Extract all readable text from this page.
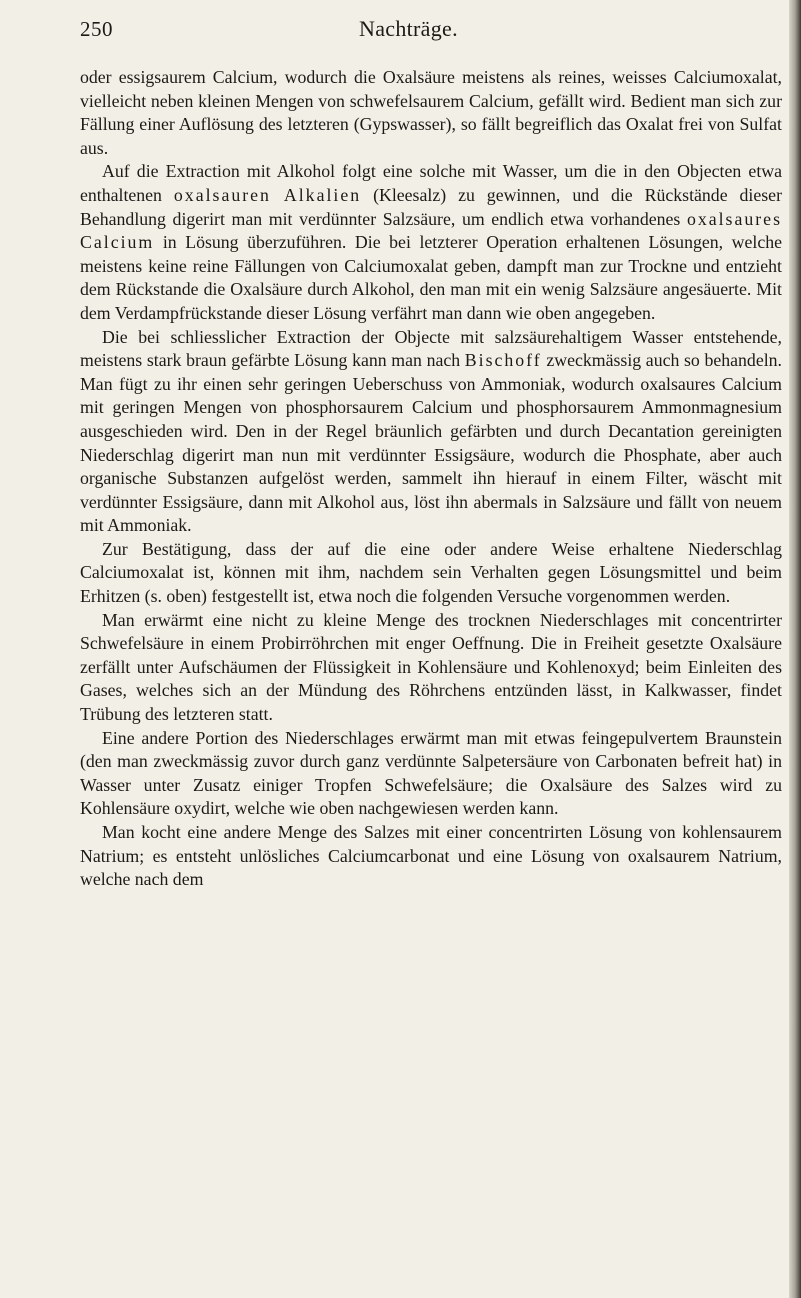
250	Nachträge.

oder essigsaurem Calcium, wodurch die Oxalsäure meistens als reines, weisses Calciumoxalat, vielleicht neben kleinen Mengen von schwefelsaurem Calcium, gefällt wird. Bedient man sich zur Fällung einer Auflösung des letzteren (Gypswasser), so fällt begreiflich das Oxalat frei von Sulfat aus.

Auf die Extraction mit Alkohol folgt eine solche mit Wasser, um die in den Objecten etwa enthaltenen oxalsauren Alkalien (Kleesalz) zu gewinnen, und die Rückstände dieser Behandlung digerirt man mit verdünnter Salzsäure, um endlich etwa vorhandenes oxalsaures Calcium in Lösung überzuführen. Die bei letzterer Operation erhaltenen Lösungen, welche meistens keine reine Fällungen von Calciumoxalat geben, dampft man zur Trockne und entzieht dem Rückstande die Oxalsäure durch Alkohol, den man mit ein wenig Salzsäure angesäuerte. Mit dem Verdampfrückstande dieser Lösung verfährt man dann wie oben angegeben.

Die bei schliesslicher Extraction der Objecte mit salzsäurehaltigem Wasser entstehende, meistens stark braun gefärbte Lösung kann man nach Bischoff zweckmässig auch so behandeln. Man fügt zu ihr einen sehr geringen Ueberschuss von Ammoniak, wodurch oxalsaures Calcium mit geringen Mengen von phosphorsaurem Calcium und phosphorsaurem Ammonmagnesium ausgeschieden wird. Den in der Regel bräunlich gefärbten und durch Decantation gereinigten Niederschlag digerirt man nun mit verdünnter Essigsäure, wodurch die Phosphate, aber auch organische Substanzen aufgelöst werden, sammelt ihn hierauf in einem Filter, wäscht mit verdünnter Essigsäure, dann mit Alkohol aus, löst ihn abermals in Salzsäure und fällt von neuem mit Ammoniak.

Zur Bestätigung, dass der auf die eine oder andere Weise erhaltene Niederschlag Calciumoxalat ist, können mit ihm, nachdem sein Verhalten gegen Lösungsmittel und beim Erhitzen (s. oben) festgestellt ist, etwa noch die folgenden Versuche vorgenommen werden.

Man erwärmt eine nicht zu kleine Menge des trocknen Niederschlages mit concentrirter Schwefelsäure in einem Probirröhrchen mit enger Oeffnung. Die in Freiheit gesetzte Oxalsäure zerfällt unter Aufschäumen der Flüssigkeit in Kohlensäure und Kohlenoxyd; beim Einleiten des Gases, welches sich an der Mündung des Röhrchens entzünden lässt, in Kalkwasser, findet Trübung des letzteren statt.

Eine andere Portion des Niederschlages erwärmt man mit etwas feingepulvertem Braunstein (den man zweckmässig zuvor durch ganz verdünnte Salpetersäure von Carbonaten befreit hat) in Wasser unter Zusatz einiger Tropfen Schwefelsäure; die Oxalsäure des Salzes wird zu Kohlensäure oxydirt, welche wie oben nachgewiesen werden kann.

Man kocht eine andere Menge des Salzes mit einer concentrirten Lösung von kohlensaurem Natrium; es entsteht unlösliches Calciumcarbonat und eine Lösung von oxalsaurem Natrium, welche nach dem
